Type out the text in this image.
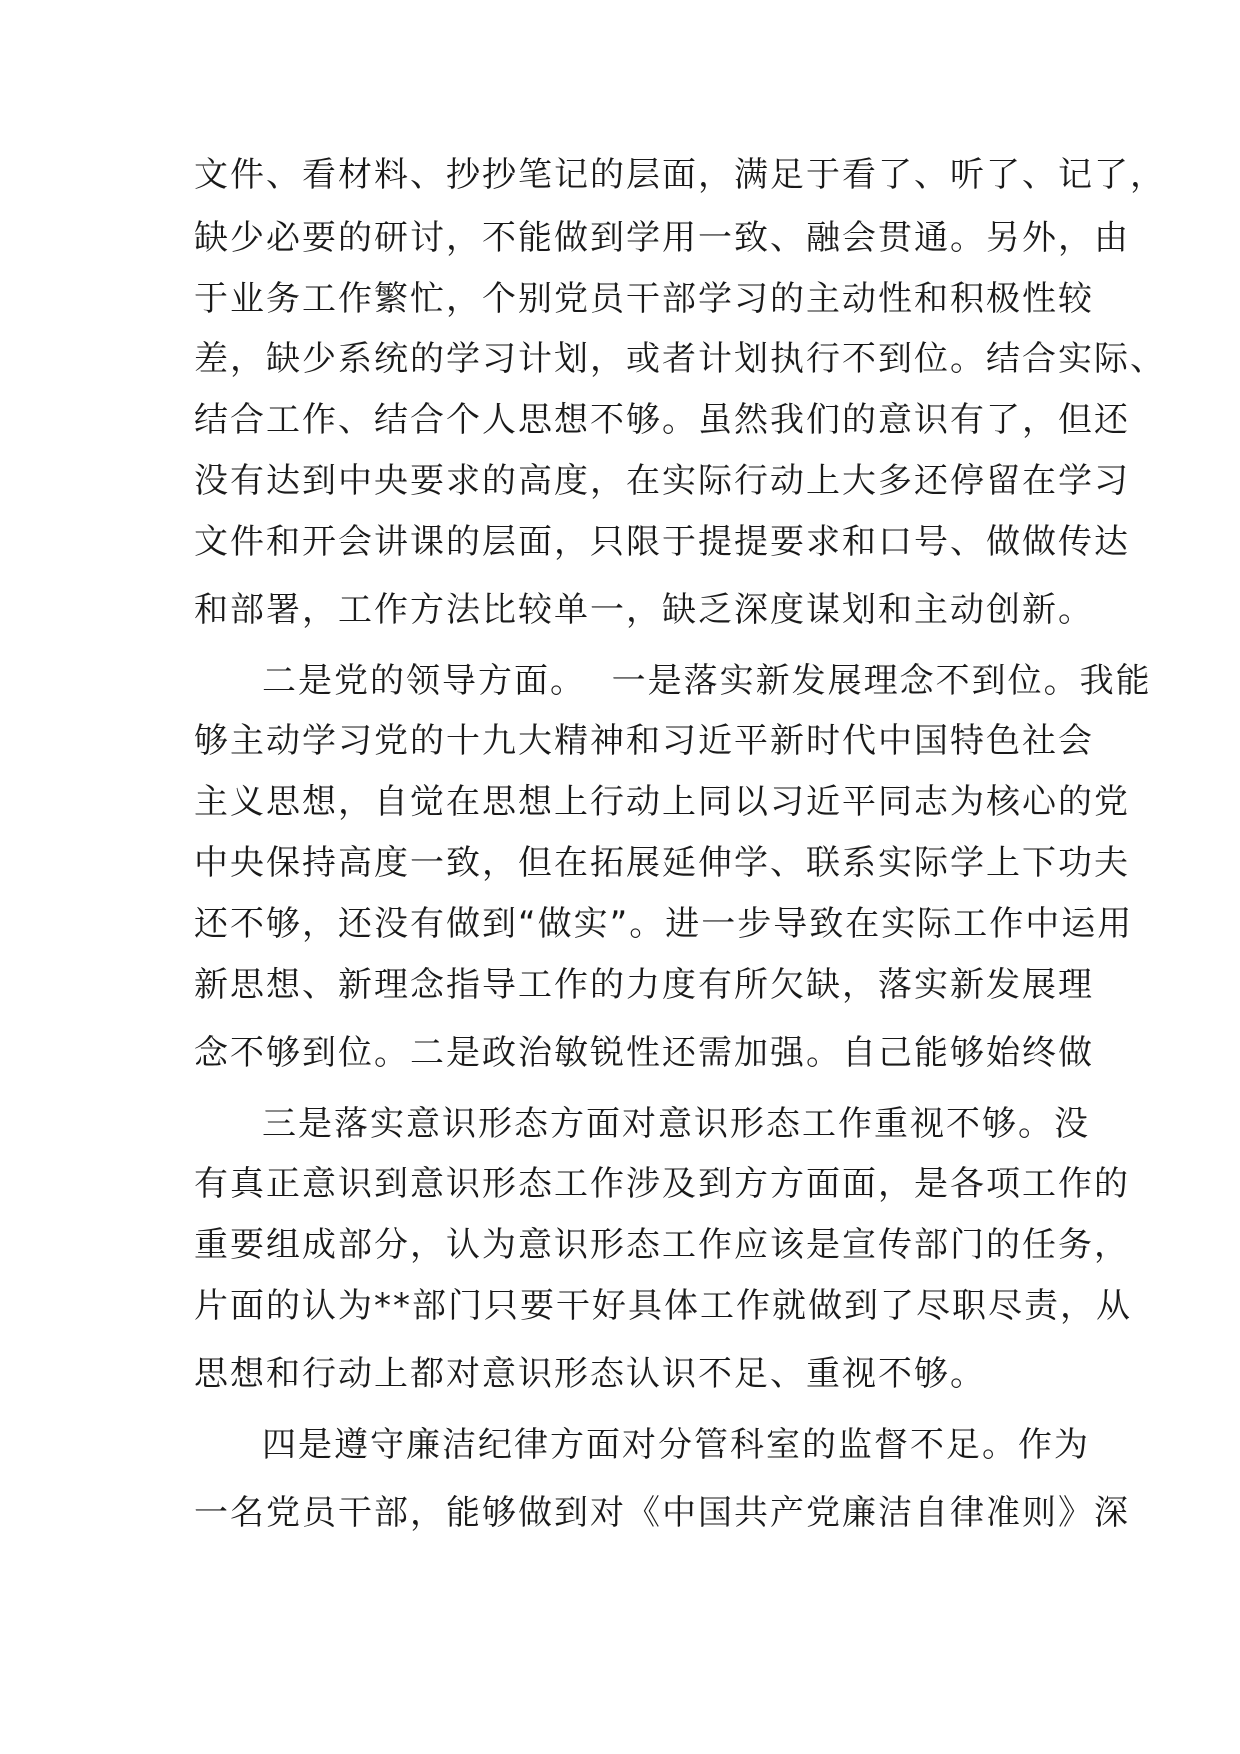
文件、看材料、抄抄笔记的层面，满足于看了、听了、记了，
缺少必要的研讨，不能做到学用一致、融会贯通。另外，由
于业务工作繁忙，个别党员干部学习的主动性和积极性较
差，缺少系统的学习计划，或者计划执行不到位。结合实际、
结合工作、结合个人思想不够。虽然我们的意识有了，但还
没有达到中央要求的高度，在实际行动上大多还停留在学习
文件和开会讲课的层面，只限于提提要求和口号、做做传达
和部署，工作方法比较单一，缺乏深度谋划和主动创新。
二是党的领导方面。  一是落实新发展理念不到位。我能
够主动学习党的十九大精神和习近平新时代中国特色社会
主义思想，自觉在思想上行动上同以习近平同志为核心的党
中央保持高度一致，但在拓展延伸学、联系实际学上下功夫
还不够，还没有做到“做实”。进一步导致在实际工作中运用
新思想、新理念指导工作的力度有所欠缺，落实新发展理
念不够到位。二是政治敏锐性还需加强。自己能够始终做
三是落实意识形态方面对意识形态工作重视不够。没
有真正意识到意识形态工作涉及到方方面面，是各项工作的
重要组成部分，认为意识形态工作应该是宣传部门的任务，
片面的认为**部门只要干好具体工作就做到了尽职尽责，从
思想和行动上都对意识形态认识不足、重视不够。
四是遵守廉洁纪律方面对分管科室的监督不足。作为
一名党员干部，能够做到对《中国共产党廉洁自律准则》深
